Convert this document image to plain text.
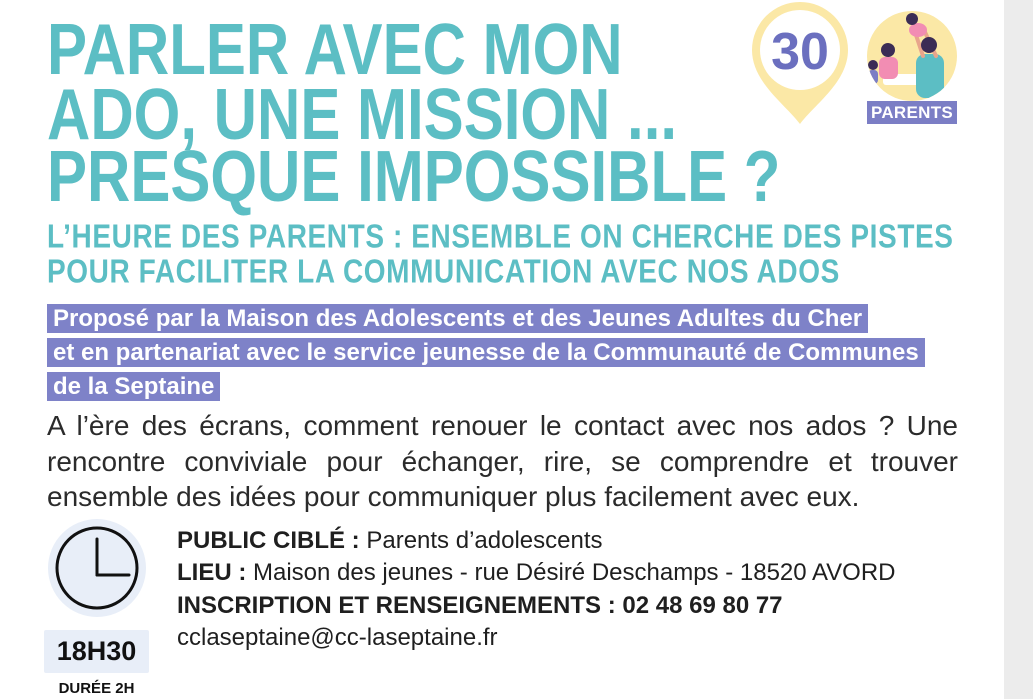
PARLER AVEC MON
ADO, UNE MISSION ...
PRESQUE IMPOSSIBLE ?
30
PARENTS
L’HEURE DES PARENTS : ENSEMBLE ON CHERCHE DES PISTES
POUR FACILITER LA COMMUNICATION AVEC NOS ADOS
Proposé par la Maison des Adolescents et des Jeunes Adultes du Cher
et en partenariat avec le service jeunesse de la Communauté de Communes
de la Septaine
A l’ère des écrans, comment renouer le contact avec nos ados ? Une
rencontre conviviale pour échanger, rire, se comprendre et trouver
ensemble des idées pour communiquer plus facilement avec eux.
18H30
DURÉE 2H
PUBLIC CIBLÉ : Parents d’adolescents
LIEU : Maison des jeunes - rue Désiré Deschamps - 18520 AVORD
INSCRIPTION ET RENSEIGNEMENTS : 02 48 69 80 77
cclaseptaine@cc-laseptaine.fr
